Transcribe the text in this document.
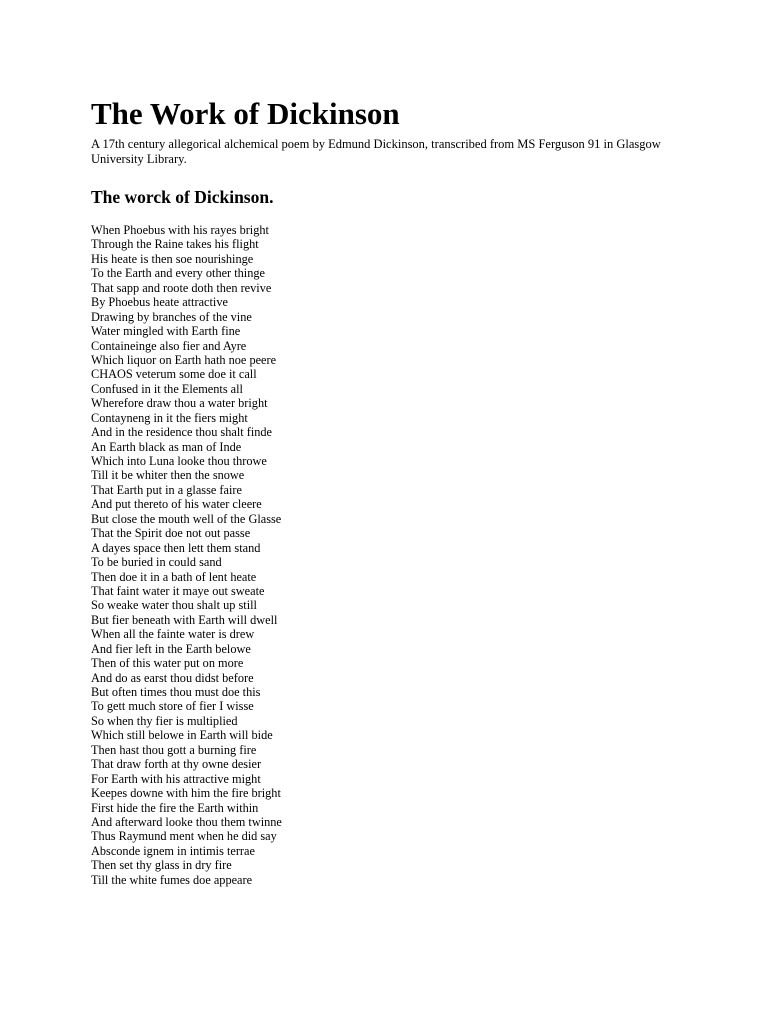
The Work of Dickinson

A 17th century allegorical alchemical poem by Edmund Dickinson, transcribed from MS Ferguson 91 in Glasgow University Library.

The worck of Dickinson.
When Phoebus with his rayes bright
Through the Raine takes his flight
His heate is then soe nourishinge
To the Earth and every other thinge
That sapp and roote doth then revive
By Phoebus heate attractive
Drawing by branches of the vine
Water mingled with Earth fine
Containeinge also fier and Ayre
Which liquor on Earth hath noe peere
CHAOS veterum some doe it call
Confused in it the Elements all
Wherefore draw thou a water bright
Contayneng in it the fiers might
And in the residence thou shalt finde
An Earth black as man of Inde
Which into Luna looke thou throwe
Till it be whiter then the snowe
That Earth put in a glasse faire
And put thereto of his water cleere
But close the mouth well of the Glasse
That the Spirit doe not out passe
A dayes space then lett them stand
To be buried in could sand
Then doe it in a bath of lent heate
That faint water it maye out sweate
So weake water thou shalt up still
But fier beneath with Earth will dwell
When all the fainte water is drew
And fier left in the Earth belowe
Then of this water put on more
And do as earst thou didst before
But often times thou must doe this
To gett much store of fier I wisse
So when thy fier is multiplied
Which still belowe in Earth will bide
Then hast thou gott a burning fire
That draw forth at thy owne desier
For Earth with his attractive might
Keepes downe with him the fire bright
First hide the fire the Earth within
And afterward looke thou them twinne
Thus Raymund ment when he did say
Absconde ignem in intimis terrae
Then set thy glass in dry fire
Till the white fumes doe appeare
